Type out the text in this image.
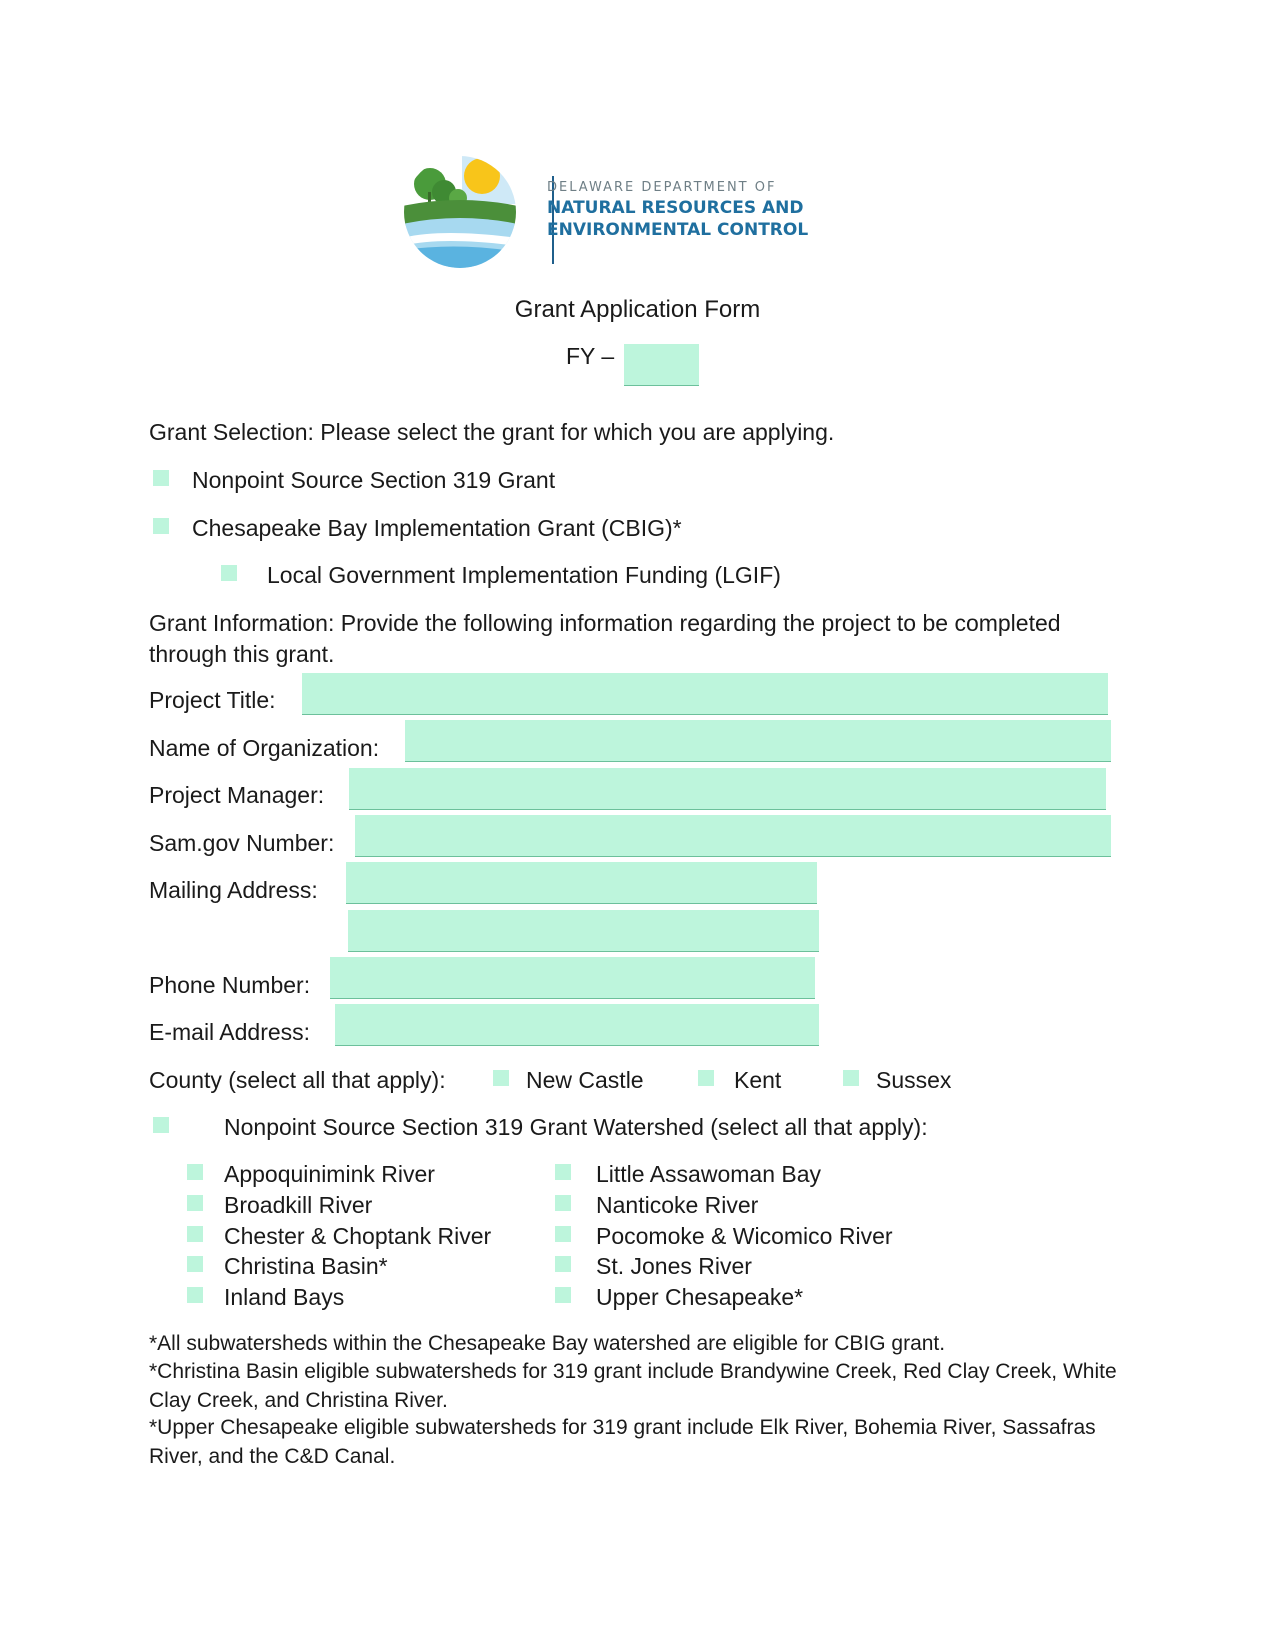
DELAWARE DEPARTMENT OF
NATURAL RESOURCES AND
ENVIRONMENTAL CONTROL
Grant Application Form
FY –
Grant Selection: Please select the grant for which you are applying.
Nonpoint Source Section 319 Grant
Chesapeake Bay Implementation Grant (CBIG)*
Local Government Implementation Funding (LGIF)
Grant Information: Provide the following information regarding the project to be completed through this grant.
Project Title:
Name of Organization:
Project Manager:
Sam.gov Number:
Mailing Address:
Phone Number:
E-mail Address:
County (select all that apply):	New Castle	Kent	Sussex
Nonpoint Source Section 319 Grant Watershed (select all that apply):
Appoquinimink River
Broadkill River
Chester & Choptank River
Christina Basin*
Inland Bays
Little Assawoman Bay
Nanticoke River
Pocomoke & Wicomico River
St. Jones River
Upper Chesapeake*
*All subwatersheds within the Chesapeake Bay watershed are eligible for CBIG grant.
*Christina Basin eligible subwatersheds for 319 grant include Brandywine Creek, Red Clay Creek, White Clay Creek, and Christina River.
*Upper Chesapeake eligible subwatersheds for 319 grant include Elk River, Bohemia River, Sassafras River, and the C&D Canal.
